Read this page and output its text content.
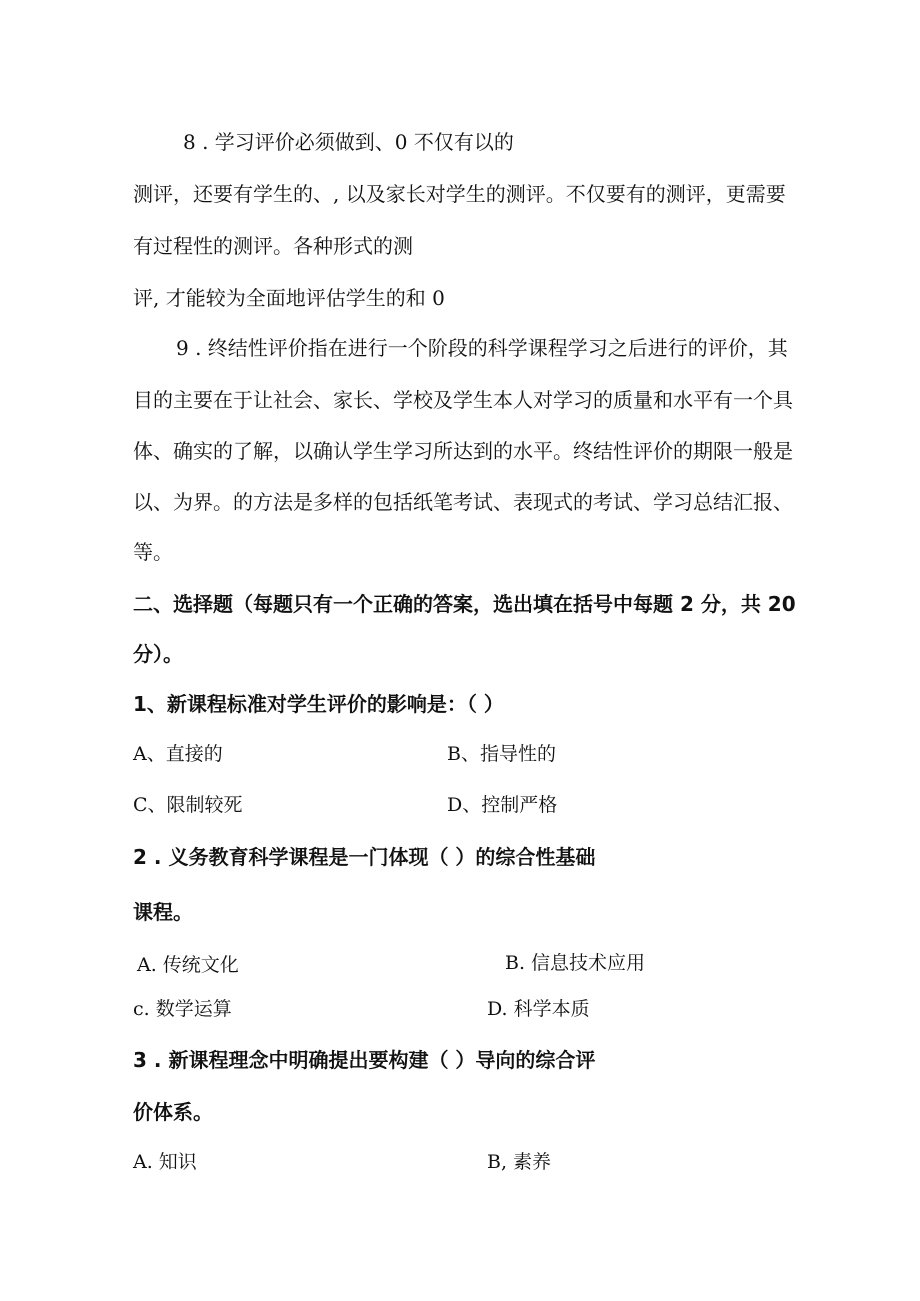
8 . 学习评价必须做到、0 不仅有以的
测评，还要有学生的、, 以及家长对学生的测评。不仅要有的测评，更需要
有过程性的测评。各种形式的测
评, 才能较为全面地评估学生的和 0
9 . 终结性评价指在进行一个阶段的科学课程学习之后进行的评价，其
目的主要在于让社会、家长、学校及学生本人对学习的质量和水平有一个具
体、确实的了解，以确认学生学习所达到的水平。终结性评价的期限一般是
以、为界。的方法是多样的包括纸笔考试、表现式的考试、学习总结汇报、
等。
二、选择题（每题只有一个正确的答案，选出填在括号中每题 2 分，共 20
分）。
1、新课程标准对学生评价的影响是：（ ）
A、直接的	B、指导性的
C、限制较死	D、控制严格
2 . 义务教育科学课程是一门体现（ ）的综合性基础
课程。
A. 传统文化	B. 信息技术应用
c. 数学运算	D. 科学本质
3 . 新课程理念中明确提出要构建（ ）导向的综合评
价体系。
A. 知识	B, 素养
